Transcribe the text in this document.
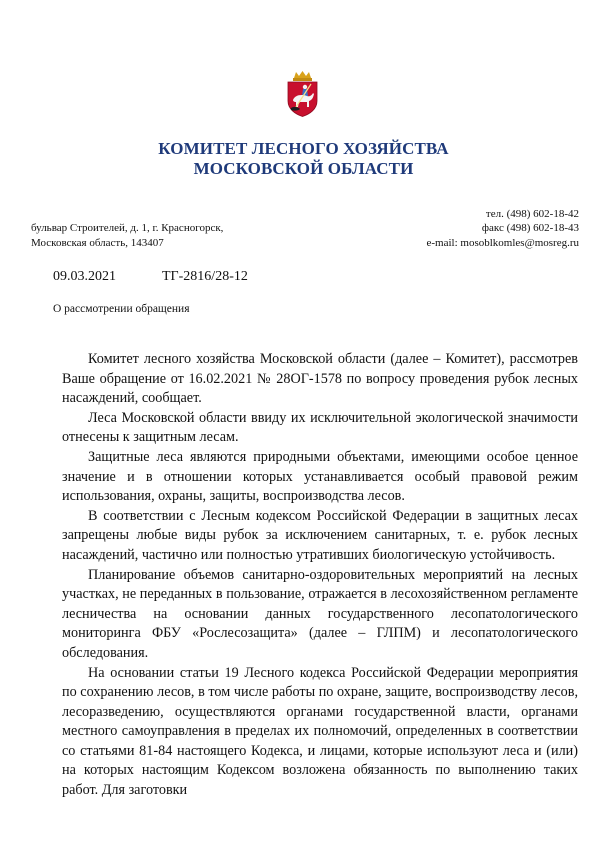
КОМИТЕТ ЛЕСНОГО ХОЗЯЙСТВА
МОСКОВСКОЙ ОБЛАСТИ
бульвар Строителей, д. 1, г. Красногорск,
Московская область, 143407
тел. (498) 602-18-42
факс (498) 602-18-43
e-mail: mosoblkomles@mosreg.ru
09.03.2021	ТГ-2816/28-12
О рассмотрении обращения

Комитет лесного хозяйства Московской области (далее – Комитет), рассмотрев Ваше обращение от 16.02.2021 № 28ОГ-1578 по вопросу проведения рубок лесных насаждений, сообщает.

Леса Московской области ввиду их исключительной экологической значимости отнесены к защитным лесам.

Защитные леса являются природными объектами, имеющими особое ценное значение и в отношении которых устанавливается особый правовой режим использования, охраны, защиты, воспроизводства лесов.

В соответствии с Лесным кодексом Российской Федерации в защитных лесах запрещены любые виды рубок за исключением санитарных, т. е. рубок лесных насаждений, частично или полностью утративших биологическую устойчивость.

Планирование объемов санитарно-оздоровительных мероприятий на лесных участках, не переданных в пользование, отражается в лесохозяйственном регламенте лесничества на основании данных государственного лесопатологического мониторинга ФБУ «Рослесозащита» (далее – ГЛПМ) и лесопатологического обследования.

На основании статьи 19 Лесного кодекса Российской Федерации мероприятия по сохранению лесов, в том числе работы по охране, защите, воспроизводству лесов, лесоразведению, осуществляются органами государственной власти, органами местного самоуправления в пределах их полномочий, определенных в соответствии со статьями 81-84 настоящего Кодекса, и лицами, которые используют леса и (или) на которых настоящим Кодексом возложена обязанность по выполнению таких работ. Для заготовки
